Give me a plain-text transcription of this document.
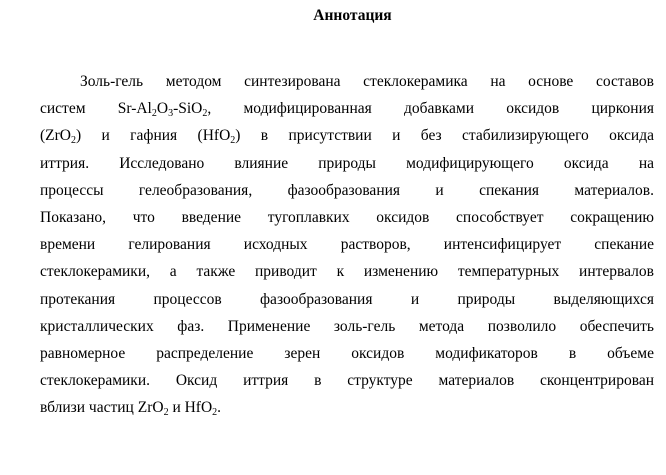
Аннотация
Золь-гель методом синтезирована стеклокерамика на основе составов
систем $Sr-Al_2O_3-SiO_2$, модифицированная добавками оксидов циркония
(ZrO$_2$) и гафния (HfO$_2$) в присутствии и без стабилизирующего оксида
иттрия. Исследовано влияние природы модифицирующего оксида на
процессы гелеобразования, фазообразования и спекания материалов.
Показано, что введение тугоплавких оксидов способствует сокращению
времени гелирования исходных растворов, интенсифицирует спекание
стеклокерамики, а также приводит к изменению температурных интервалов
протекания процессов фазообразования и природы выделяющихся
кристаллических фаз. Применение золь-гель метода позволило обеспечить
равномерное распределение зерен оксидов модификаторов в объеме
стеклокерамики. Оксид иттрия в структуре материалов сконцентрирован
вблизи частиц ZrO$_2$ и HfO$_2$.
